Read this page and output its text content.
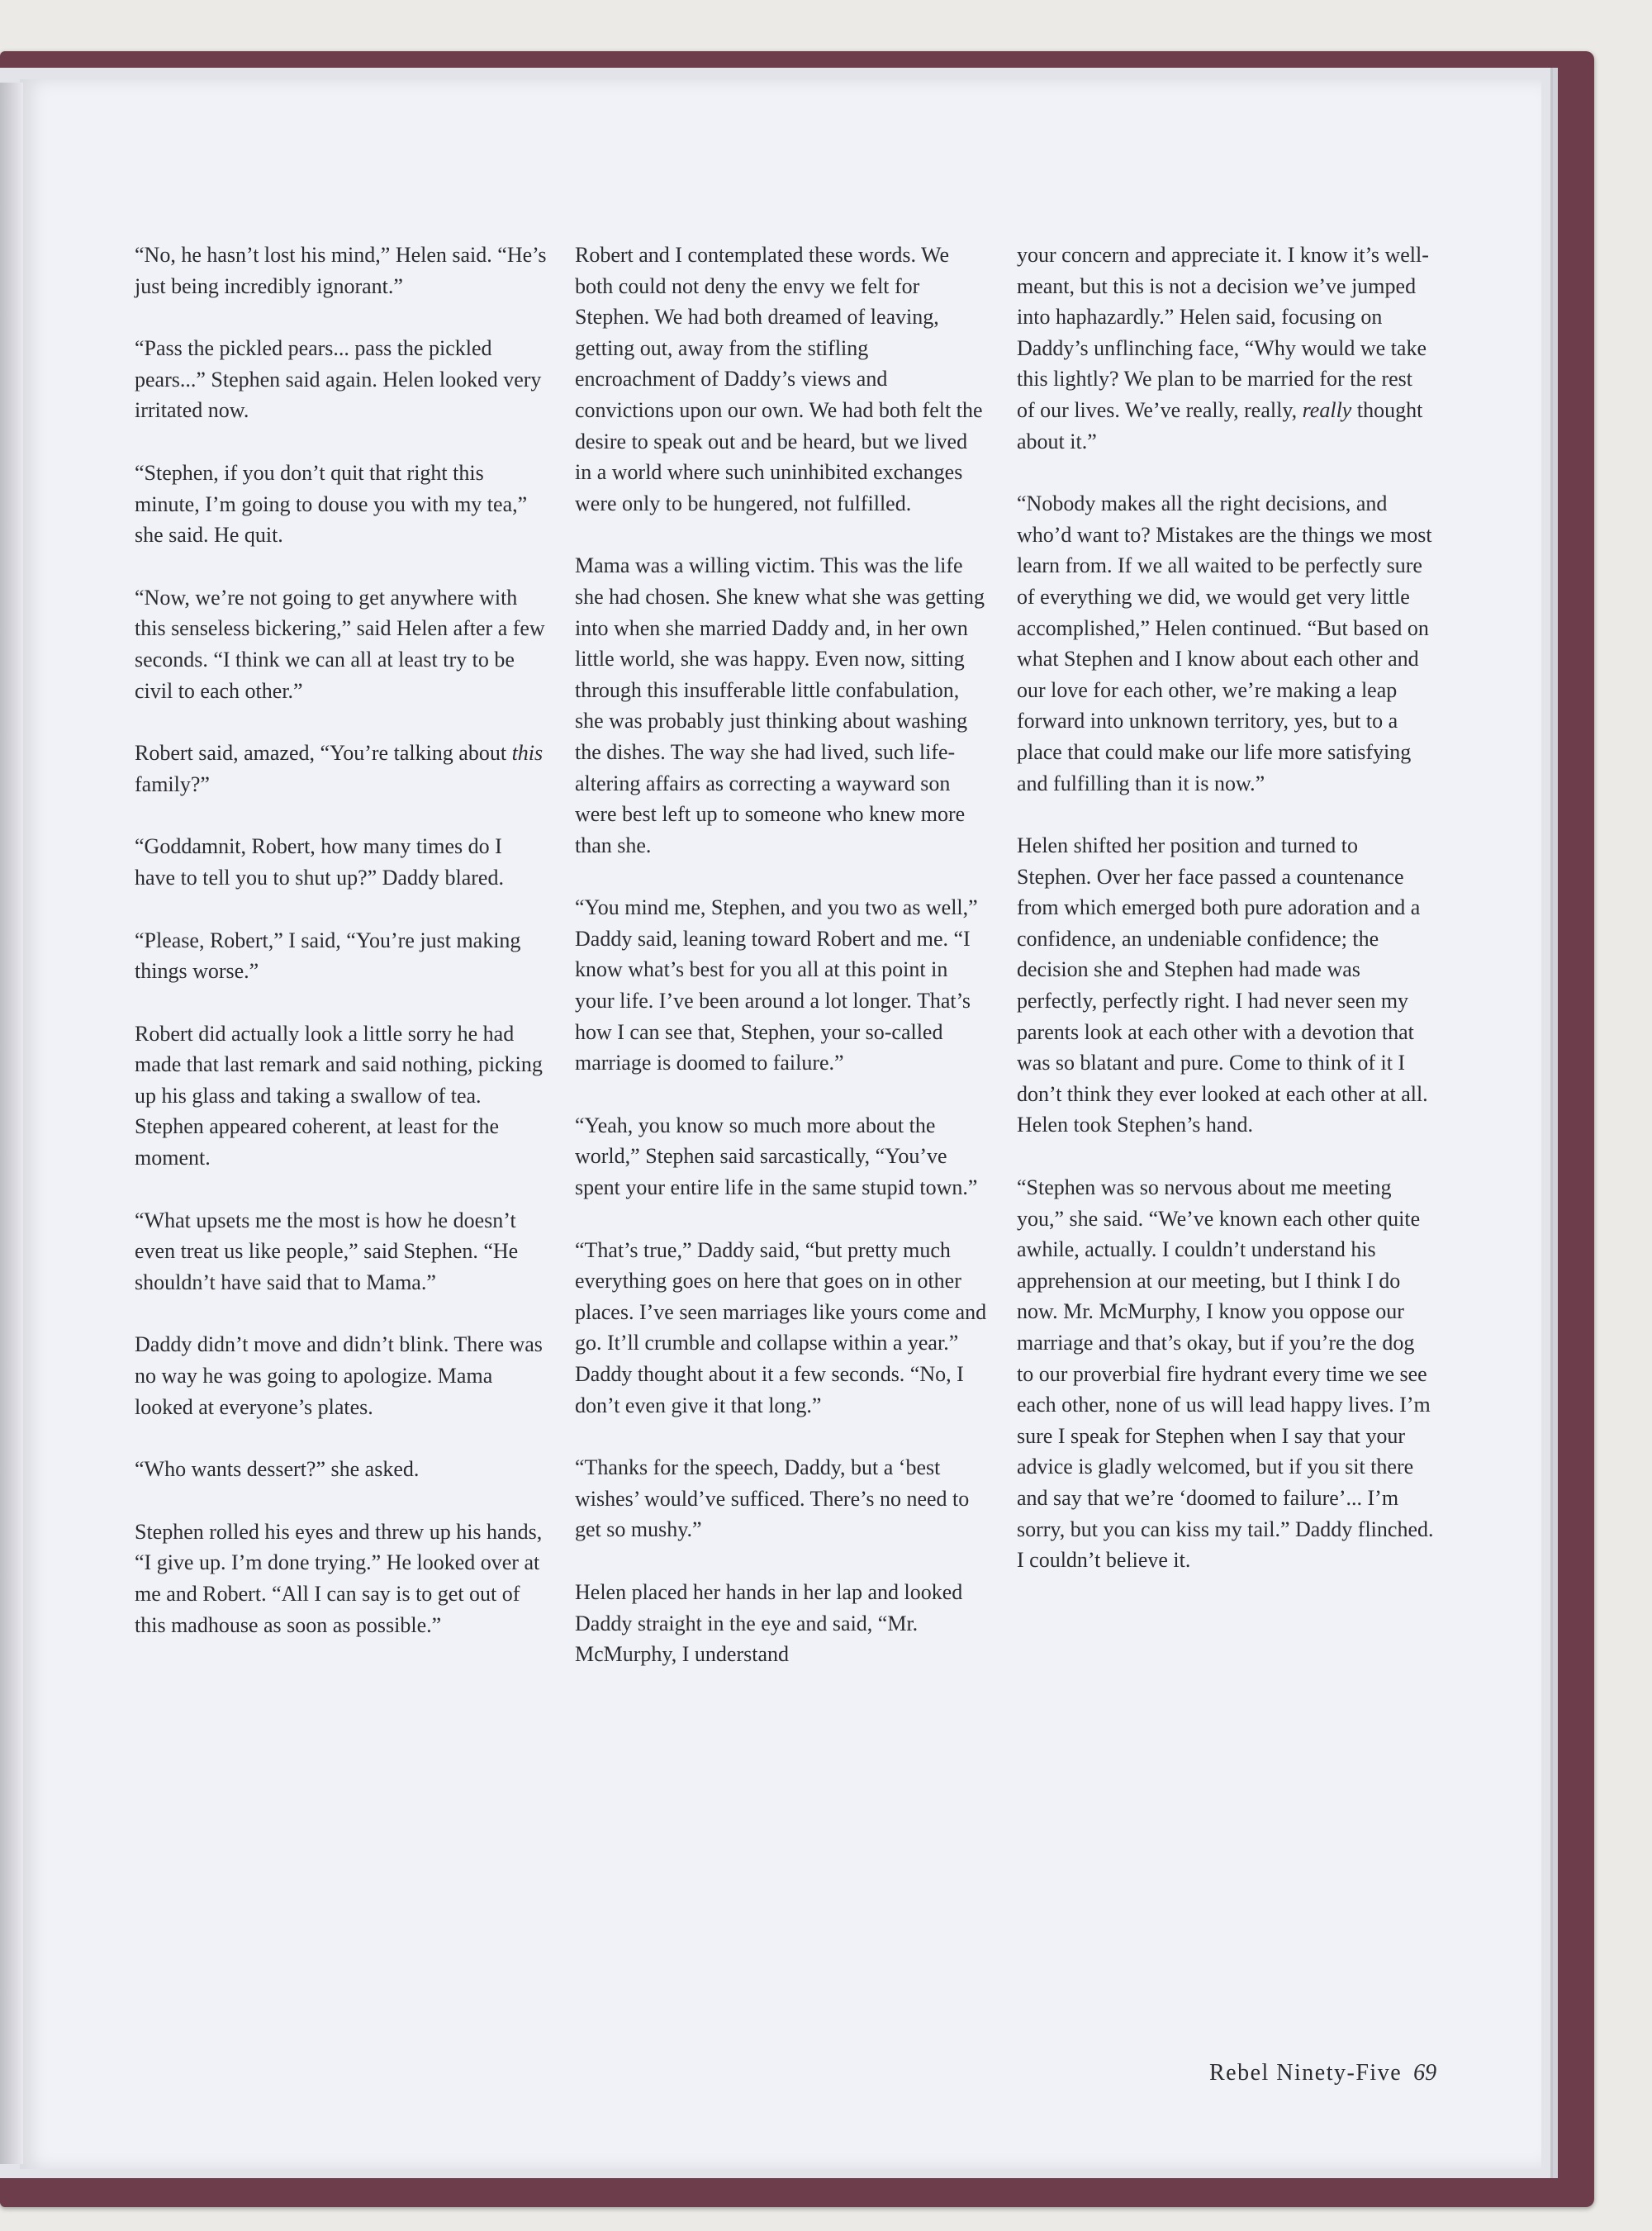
“No, he hasn’t lost his mind,” Helen said. “He’s just being incredibly ignorant.”

“Pass the pickled pears... pass the pickled pears...” Stephen said again. Helen looked very irritated now.

“Stephen, if you don’t quit that right this minute, I’m going to douse you with my tea,” she said. He quit.

“Now, we’re not going to get anywhere with this senseless bickering,” said Helen after a few seconds. “I think we can all at least try to be civil to each other.”

Robert said, amazed, “You’re talking about this family?”

“Goddamnit, Robert, how many times do I have to tell you to shut up?” Daddy blared.

“Please, Robert,” I said, “You’re just making things worse.”

Robert did actually look a little sorry he had made that last remark and said nothing, picking up his glass and taking a swallow of tea. Stephen appeared coherent, at least for the moment.

“What upsets me the most is how he doesn’t even treat us like people,” said Stephen. “He shouldn’t have said that to Mama.”

Daddy didn’t move and didn’t blink. There was no way he was going to apologize. Mama looked at everyone’s plates.

“Who wants dessert?” she asked.

Stephen rolled his eyes and threw up his hands, “I give up. I’m done trying.” He looked over at me and Robert. “All I can say is to get out of this madhouse as soon as possible.”

Robert and I contemplated these words. We both could not deny the envy we felt for Stephen. We had both dreamed of leaving, getting out, away from the stifling encroachment of Daddy’s views and convictions upon our own. We had both felt the desire to speak out and be heard, but we lived in a world where such uninhibited exchanges were only to be hungered, not fulfilled.

Mama was a willing victim. This was the life she had chosen. She knew what she was getting into when she married Daddy and, in her own little world, she was happy. Even now, sitting through this insufferable little confabulation, she was probably just thinking about washing the dishes. The way she had lived, such life-altering affairs as correcting a wayward son were best left up to someone who knew more than she.

“You mind me, Stephen, and you two as well,” Daddy said, leaning toward Robert and me. “I know what’s best for you all at this point in your life. I’ve been around a lot longer. That’s how I can see that, Stephen, your so-called marriage is doomed to failure.”

“Yeah, you know so much more about the world,” Stephen said sarcastically, “You’ve spent your entire life in the same stupid town.”

“That’s true,” Daddy said, “but pretty much everything goes on here that goes on in other places. I’ve seen marriages like yours come and go. It’ll crumble and collapse within a year.” Daddy thought about it a few seconds. “No, I don’t even give it that long.”

“Thanks for the speech, Daddy, but a ‘best wishes’ would’ve sufficed. There’s no need to get so mushy.”

Helen placed her hands in her lap and looked Daddy straight in the eye and said, “Mr. McMurphy, I understand

your concern and appreciate it. I know it’s well-meant, but this is not a decision we’ve jumped into haphazardly.” Helen said, focusing on Daddy’s unflinching face, “Why would we take this lightly? We plan to be married for the rest of our lives. We’ve really, really, really thought about it.”

“Nobody makes all the right decisions, and who’d want to? Mistakes are the things we most learn from. If we all waited to be perfectly sure of everything we did, we would get very little accomplished,” Helen continued. “But based on what Stephen and I know about each other and our love for each other, we’re making a leap forward into unknown territory, yes, but to a place that could make our life more satisfying and fulfilling than it is now.”

Helen shifted her position and turned to Stephen. Over her face passed a countenance from which emerged both pure adoration and a confidence, an undeniable confidence; the decision she and Stephen had made was perfectly, perfectly right. I had never seen my parents look at each other with a devotion that was so blatant and pure. Come to think of it I don’t think they ever looked at each other at all. Helen took Stephen’s hand.

“Stephen was so nervous about me meeting you,” she said. “We’ve known each other quite awhile, actually. I couldn’t understand his apprehension at our meeting, but I think I do now. Mr. McMurphy, I know you oppose our marriage and that’s okay, but if you’re the dog to our proverbial fire hydrant every time we see each other, none of us will lead happy lives. I’m sure I speak for Stephen when I say that your advice is gladly welcomed, but if you sit there and say that we’re ‘doomed to failure’... I’m sorry, but you can kiss my tail.” Daddy flinched. I couldn’t believe it.

Rebel Ninety-Five 69
